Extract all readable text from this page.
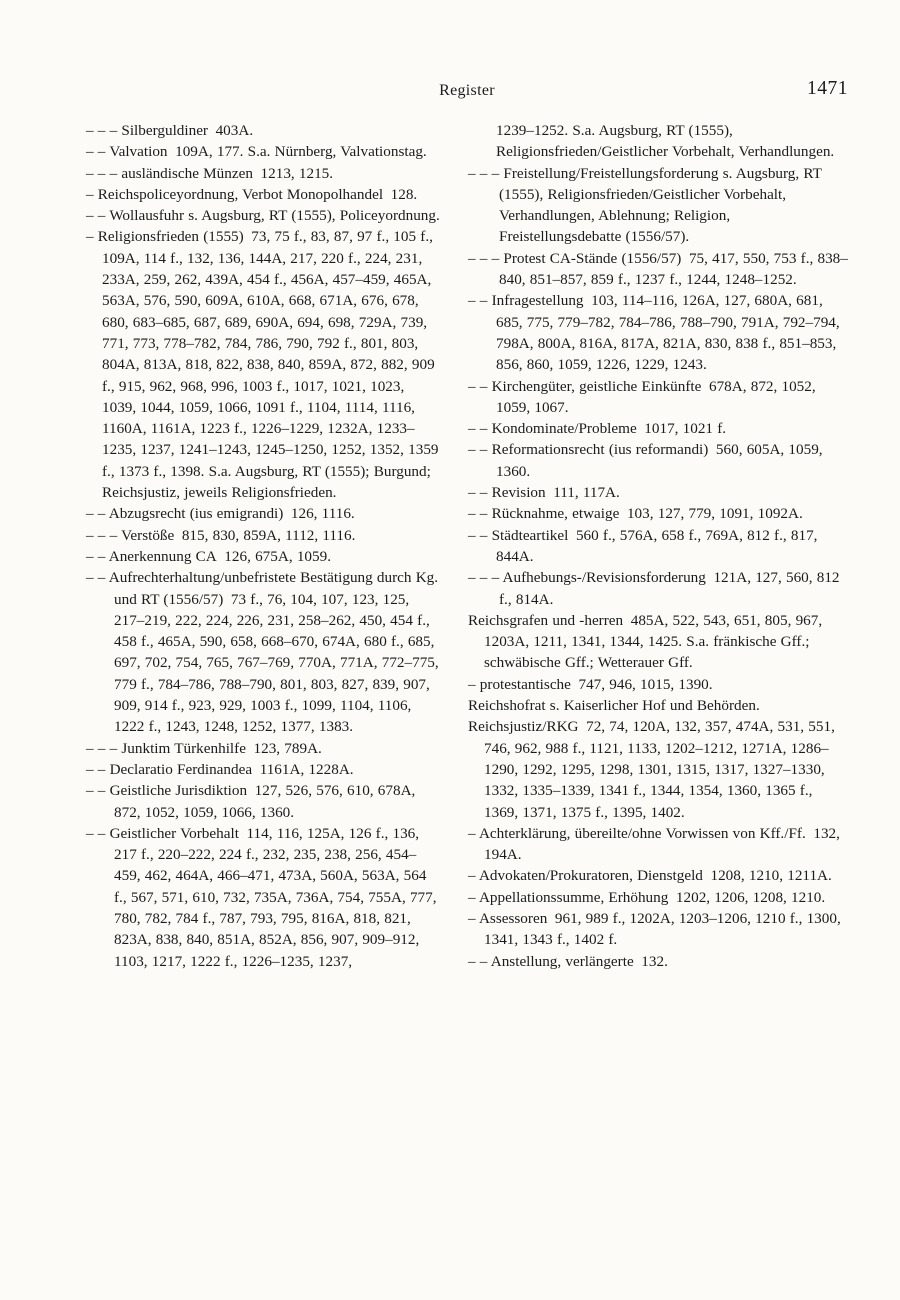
Register	1471

– – – Silberguldiner 403A.

– – Valvation 109A, 177. S.a. Nürnberg, Valvationstag.

– – – ausländische Münzen 1213, 1215.

– Reichspoliceyordnung, Verbot Monopolhandel 128.

– – Wollausfuhr s. Augsburg, RT (1555), Policeyordnung.

– Religionsfrieden (1555) 73, 75 f., 83, 87, 97 f., 105 f., 109A, 114 f., 132, 136, 144A, 217, 220 f., 224, 231, 233A, 259, 262, 439A, 454 f., 456A, 457–459, 465A, 563A, 576, 590, 609A, 610A, 668, 671A, 676, 678, 680, 683–685, 687, 689, 690A, 694, 698, 729A, 739, 771, 773, 778–782, 784, 786, 790, 792 f., 801, 803, 804A, 813A, 818, 822, 838, 840, 859A, 872, 882, 909 f., 915, 962, 968, 996, 1003 f., 1017, 1021, 1023, 1039, 1044, 1059, 1066, 1091 f., 1104, 1114, 1116, 1160A, 1161A, 1223 f., 1226–1229, 1232A, 1233–1235, 1237, 1241–1243, 1245–1250, 1252, 1352, 1359 f., 1373 f., 1398. S.a. Augsburg, RT (1555); Burgund; Reichsjustiz, jeweils Religionsfrieden.

– – Abzugsrecht (ius emigrandi) 126, 1116.

– – – Verstöße 815, 830, 859A, 1112, 1116.

– – Anerkennung CA 126, 675A, 1059.

– – Aufrechterhaltung/unbefristete Bestätigung durch Kg. und RT (1556/57) 73 f., 76, 104, 107, 123, 125, 217–219, 222, 224, 226, 231, 258–262, 450, 454 f., 458 f., 465A, 590, 658, 668–670, 674A, 680 f., 685, 697, 702, 754, 765, 767–769, 770A, 771A, 772–775, 779 f., 784–786, 788–790, 801, 803, 827, 839, 907, 909, 914 f., 923, 929, 1003 f., 1099, 1104, 1106, 1222 f., 1243, 1248, 1252, 1377, 1383.

– – – Junktim Türkenhilfe 123, 789A.

– – Declaratio Ferdinandea 1161A, 1228A.

– – Geistliche Jurisdiktion 127, 526, 576, 610, 678A, 872, 1052, 1059, 1066, 1360.

– – Geistlicher Vorbehalt 114, 116, 125A, 126 f., 136, 217 f., 220–222, 224 f., 232, 235, 238, 256, 454–459, 462, 464A, 466–471, 473A, 560A, 563A, 564 f., 567, 571, 610, 732, 735A, 736A, 754, 755A, 777, 780, 782, 784 f., 787, 793, 795, 816A, 818, 821, 823A, 838, 840, 851A, 852A, 856, 907, 909–912, 1103, 1217, 1222 f., 1226–1235, 1237,

1239–1252. S.a. Augsburg, RT (1555), Religionsfrieden/Geistlicher Vorbehalt, Verhandlungen.

– – – Freistellung/Freistellungsforderung s. Augsburg, RT (1555), Religionsfrieden/Geistlicher Vorbehalt, Verhandlungen, Ablehnung; Religion, Freistellungsdebatte (1556/57).

– – – Protest CA-Stände (1556/57) 75, 417, 550, 753 f., 838–840, 851–857, 859 f., 1237 f., 1244, 1248–1252.

– – Infragestellung 103, 114–116, 126A, 127, 680A, 681, 685, 775, 779–782, 784–786, 788–790, 791A, 792–794, 798A, 800A, 816A, 817A, 821A, 830, 838 f., 851–853, 856, 860, 1059, 1226, 1229, 1243.

– – Kirchengüter, geistliche Einkünfte 678A, 872, 1052, 1059, 1067.

– – Kondominate/Probleme 1017, 1021 f.

– – Reformationsrecht (ius reformandi) 560, 605A, 1059, 1360.

– – Revision 111, 117A.

– – Rücknahme, etwaige 103, 127, 779, 1091, 1092A.

– – Städteartikel 560 f., 576A, 658 f., 769A, 812 f., 817, 844A.

– – – Aufhebungs-/Revisionsforderung 121A, 127, 560, 812 f., 814A.

Reichsgrafen und -herren 485A, 522, 543, 651, 805, 967, 1203A, 1211, 1341, 1344, 1425. S.a. fränkische Gff.; schwäbische Gff.; Wetterauer Gff.

– protestantische 747, 946, 1015, 1390.

Reichshofrat s. Kaiserlicher Hof und Behörden.

Reichsjustiz/RKG 72, 74, 120A, 132, 357, 474A, 531, 551, 746, 962, 988 f., 1121, 1133, 1202–1212, 1271A, 1286–1290, 1292, 1295, 1298, 1301, 1315, 1317, 1327–1330, 1332, 1335–1339, 1341 f., 1344, 1354, 1360, 1365 f., 1369, 1371, 1375 f., 1395, 1402.

– Achterklärung, übereilte/ohne Vorwissen von Kff./Ff. 132, 194A.

– Advokaten/Prokuratoren, Dienstgeld 1208, 1210, 1211A.

– Appellationssumme, Erhöhung 1202, 1206, 1208, 1210.

– Assessoren 961, 989 f., 1202A, 1203–1206, 1210 f., 1300, 1341, 1343 f., 1402 f.

– – Anstellung, verlängerte 132.
